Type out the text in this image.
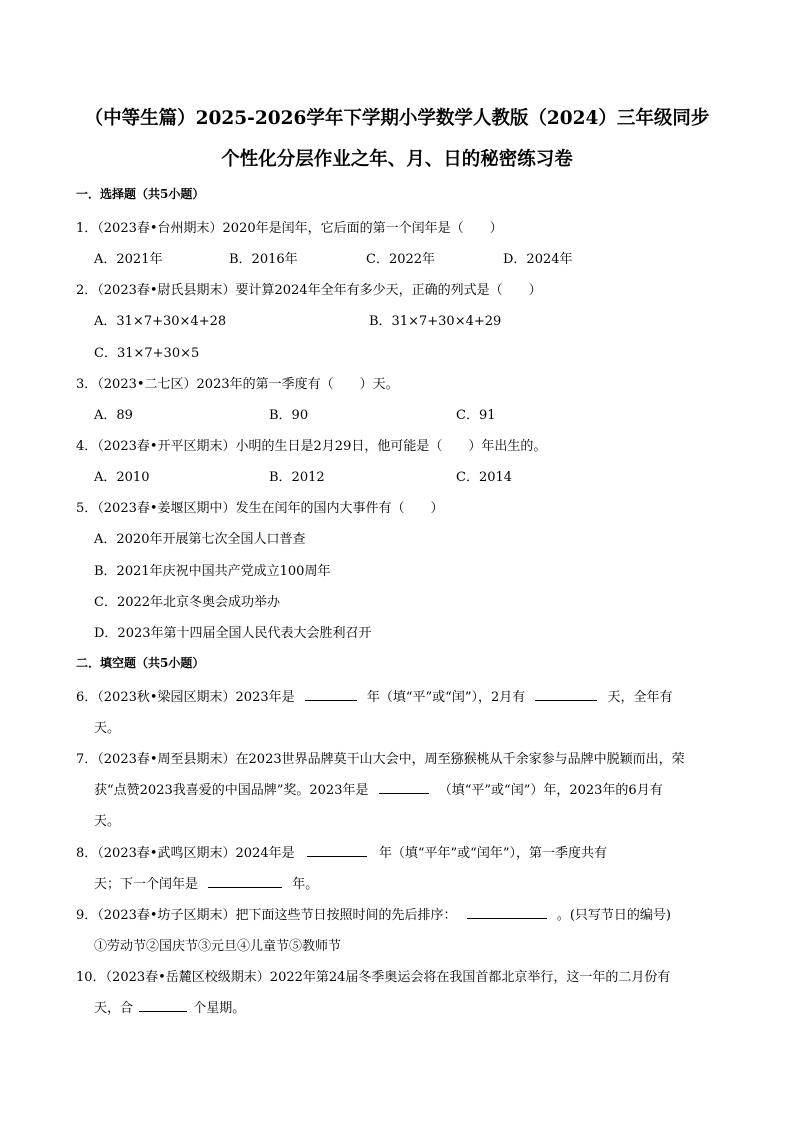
（中等生篇）2025-2026学年下学期小学数学人教版（2024）三年级同步
个性化分层作业之年、月、日的秘密练习卷
一．选择题（共5小题）
1．（2023春•台州期末）2020年是闰年，它后面的第一个闰年是（　　）
A．2021年	B．2016年	C．2022年	D．2024年
2．（2023春•尉氏县期末）要计算2024年全年有多少天，正确的列式是（　　）
A．31×7+30×4+28	B．31×7+30×4+29
C．31×7+30×5
3．（2023•二七区）2023年的第一季度有（　　）天。
A．89	B．90	C．91
4．（2023春•开平区期末）小明的生日是2月29日，他可能是（　　）年出生的。
A．2010	B．2012	C．2014
5．（2023春•姜堰区期中）发生在闰年的国内大事件有（　　）
A．2020年开展第七次全国人口普查
B．2021年庆祝中国共产党成立100周年
C．2022年北京冬奥会成功举办
D．2023年第十四届全国人民代表大会胜利召开
二．填空题（共5小题）
6．（2023秋•梁园区期末）2023年是	年（填“平”或“闰”），2月有	天，全年有
天。
7．（2023春•周至县期末）在2023世界品牌莫干山大会中，周至猕猴桃从千余家参与品牌中脱颖而出，荣
获“点赞2023我喜爱的中国品牌”奖。2023年是	（填“平”或“闰”）年，2023年的6月有
天。
8．（2023春•武鸣区期末）2024年是	年（填“平年”或“闰年”），第一季度共有
天；下一个闰年是	年。
9．（2023春•坊子区期末）把下面这些节日按照时间的先后排序：	。(只写节日的编号)
①劳动节②国庆节③元旦④儿童节⑤教师节
10．（2023春•岳麓区校级期末）2022年第24届冬季奥运会将在我国首都北京举行，这一年的二月份有
天，合	个星期。
